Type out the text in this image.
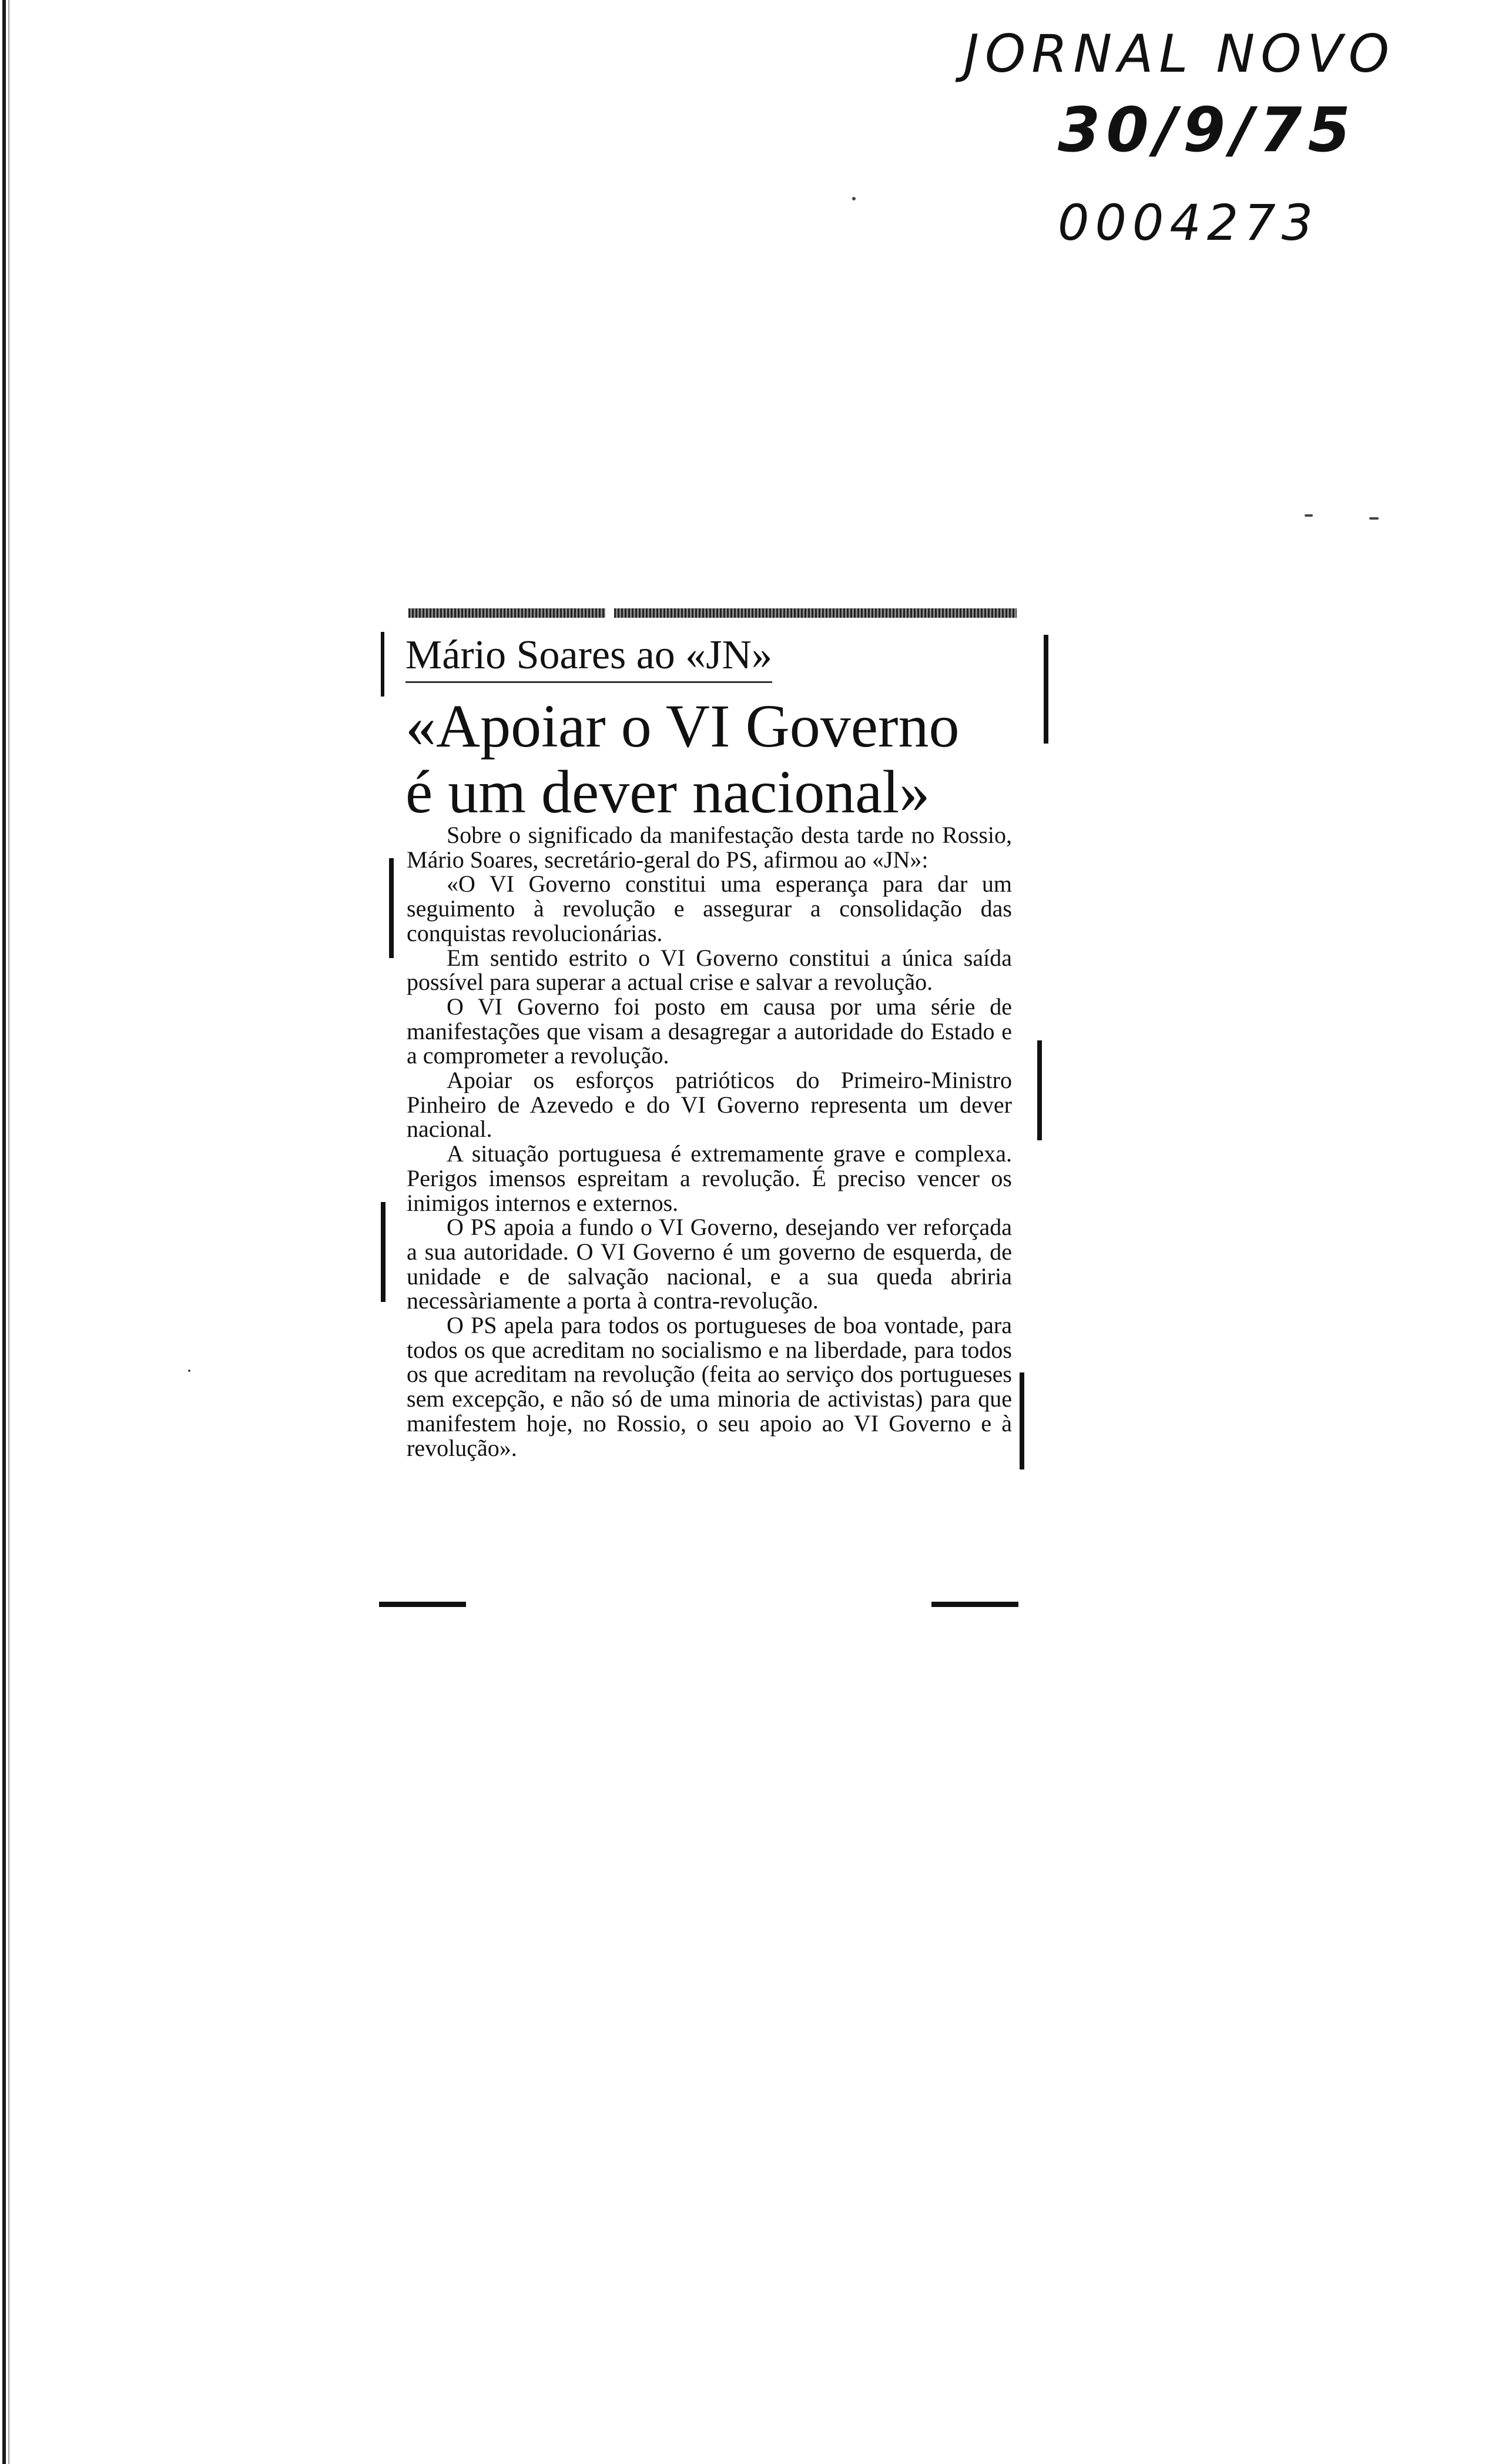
JORNAL NOVO
30/9/75
0004273
Mário Soares ao «JN»
«Apoiar o VI Governo
é um dever nacional»

Sobre o significado da manifestação desta tarde no Rossio, Mário Soares, secretário-geral do PS, afirmou ao «JN»:

«O VI Governo constitui uma esperança para dar um seguimento à revolução e assegurar a consolidação das conquistas revolucionárias.

Em sentido estrito o VI Governo constitui a única saída possível para superar a actual crise e salvar a revolução.

O VI Governo foi posto em causa por uma série de manifestações que visam a desagregar a autoridade do Estado e a comprometer a revolução.

Apoiar os esforços patrióticos do Primeiro-Ministro Pinheiro de Azevedo e do VI Governo representa um dever nacional.

A situação portuguesa é extremamente grave e complexa. Perigos imensos espreitam a revolução. É preciso vencer os inimigos internos e externos.

O PS apoia a fundo o VI Governo, desejando ver reforçada a sua autoridade. O VI Governo é um governo de esquerda, de unidade e de salvação nacional, e a sua queda abriria necessàriamente a porta à contra-revolução.

O PS apela para todos os portugueses de boa vontade, para todos os que acreditam no socialismo e na liberdade, para todos os que acreditam na revolução (feita ao serviço dos portugueses sem excepção, e não só de uma minoria de activistas) para que manifestem hoje, no Rossio, o seu apoio ao VI Governo e à revolução».
